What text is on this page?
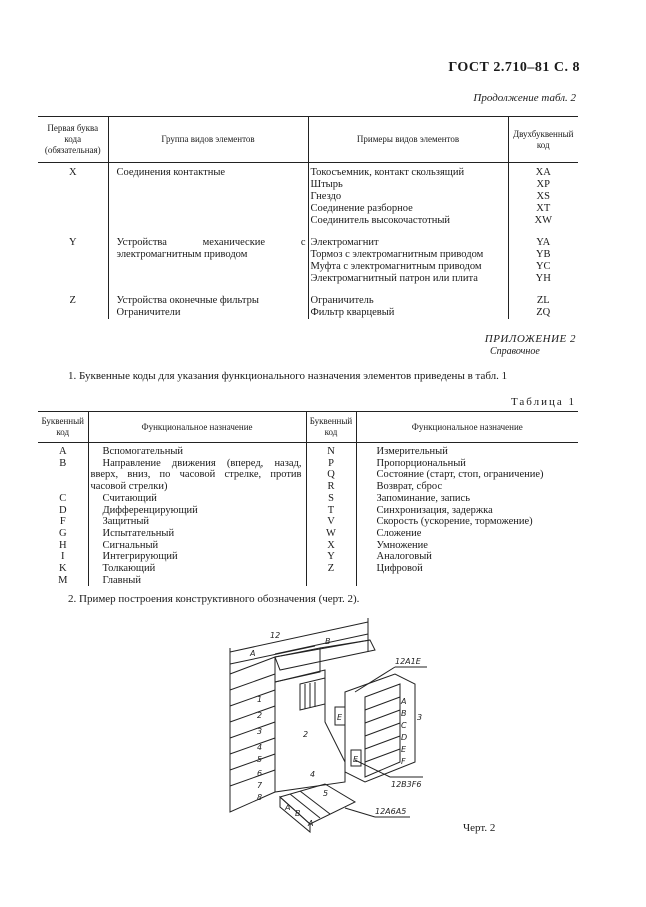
ГОСТ 2.710–81 С. 8
Продолжение табл. 2
Первая буква кода (обязательная)	Группа видов элементов	Примеры видов элементов	Двухбуквенный код
X	Соединения контактные	Токосъемник, контакт скользящий	XA
		Штырь	XP
		Гнездо	XS
		Соединение разборное	XT
		Соединитель высокочастотный	XW

Y	Устройства механические с электромагнитным приводом	Электромагнит	YA
		Тормоз с электромагнитным приводом	YB
		Муфта с электромагнитным приводом	YC
		Электромагнитный патрон или плита	YH

Z	Устройства оконечные фильтры	Ограничитель	ZL
	Ограничители	Фильтр кварцевый	ZQ
ПРИЛОЖЕНИЕ 2
Справочное
1. Буквенные коды для указания функционального назначения элементов приведены в табл. 1
Таблица 1
Буквенный код	Функциональное назначение	Буквенный код	Функциональное назначение
A	Вспомогательный	N	Измерительный
B	Направление движения (вперед, назад, вверх, вниз, по часовой стрелке, против часовой стрелки)	P	Пропорциональный
		Q	Состояние (старт, стоп, ограничение)
		R	Возврат, сброс
C	Считающий	S	Запоминание, запись
D	Дифференцирующий	T	Синхронизация, задержка
F	Защитный	V	Скорость (ускорение, торможение)
G	Испытательный	W	Сложение
H	Сигнальный	X	Умножение
I	Интегрирующий	Y	Аналоговый
K	Толкающий	Z	Цифровой
M	Главный		
2. Пример построения конструктивного обозначения (черт. 2).
12
A
B
1
2
3
4
5
6
7
8
2
4
E
A
B
C
D
E
F
3
E
12A1E
12B3F6
A
B
A
5
12A6A5
Черт. 2
